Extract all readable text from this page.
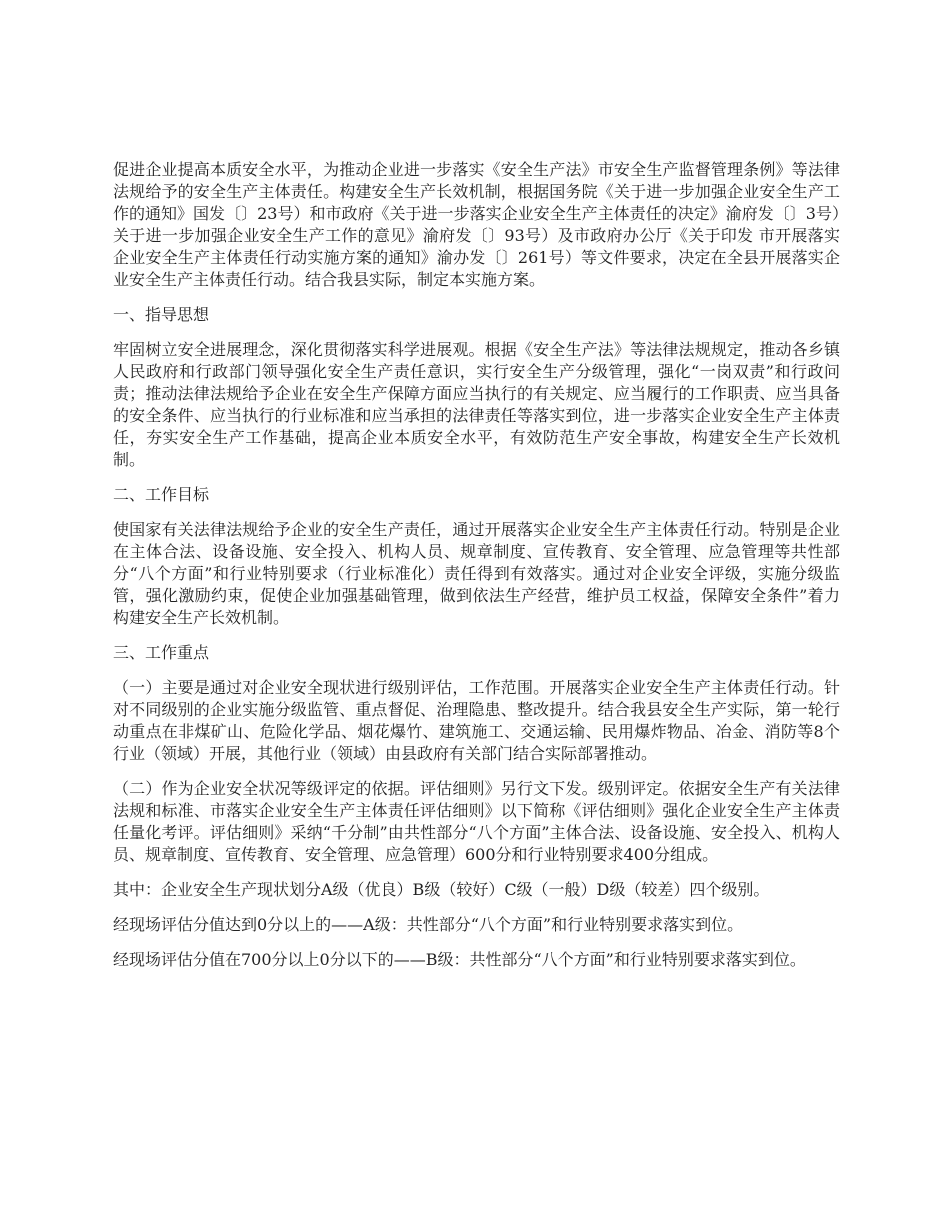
促进企业提高本质安全水平，为推动企业进一步落实《安全生产法》市安全生产监督管理条例》等法律法规给予的安全生产主体责任。构建安全生产长效机制，根据国务院《关于进一步加强企业安全生产工作的通知》国发〔〕23号）和市政府《关于进一步落实企业安全生产主体责任的决定》渝府发〔〕3号）关于进一步加强企业安全生产工作的意见》渝府发〔〕93号）及市政府办公厅《关于印发 市开展落实企业安全生产主体责任行动实施方案的通知》渝办发〔〕261号）等文件要求，决定在全县开展落实企业安全生产主体责任行动。结合我县实际，制定本实施方案。

一、指导思想

牢固树立安全进展理念，深化贯彻落实科学进展观。根据《安全生产法》等法律法规规定，推动各乡镇人民政府和行政部门领导强化安全生产责任意识，实行安全生产分级管理，强化“一岗双责”和行政问责；推动法律法规给予企业在安全生产保障方面应当执行的有关规定、应当履行的工作职责、应当具备的安全条件、应当执行的行业标准和应当承担的法律责任等落实到位，进一步落实企业安全生产主体责任，夯实安全生产工作基础，提高企业本质安全水平，有效防范生产安全事故，构建安全生产长效机制。

二、工作目标

使国家有关法律法规给予企业的安全生产责任，通过开展落实企业安全生产主体责任行动。特别是企业在主体合法、设备设施、安全投入、机构人员、规章制度、宣传教育、安全管理、应急管理等共性部分“八个方面”和行业特别要求（行业标准化）责任得到有效落实。通过对企业安全评级，实施分级监管，强化激励约束，促使企业加强基础管理，做到依法生产经营，维护员工权益，保障安全条件”着力构建安全生产长效机制。

三、工作重点

（一）主要是通过对企业安全现状进行级别评估，工作范围。开展落实企业安全生产主体责任行动。针对不同级别的企业实施分级监管、重点督促、治理隐患、整改提升。结合我县安全生产实际，第一轮行动重点在非煤矿山、危险化学品、烟花爆竹、建筑施工、交通运输、民用爆炸物品、冶金、消防等8个行业（领域）开展，其他行业（领域）由县政府有关部门结合实际部署推动。

（二）作为企业安全状况等级评定的依据。评估细则》另行文下发。级别评定。依据安全生产有关法律法规和标准、市落实企业安全生产主体责任评估细则》以下简称《评估细则》强化企业安全生产主体责任量化考评。评估细则》采纳“千分制”由共性部分“八个方面”主体合法、设备设施、安全投入、机构人员、规章制度、宣传教育、安全管理、应急管理）600分和行业特别要求400分组成。

其中：企业安全生产现状划分A级（优良）B级（较好）C级（一般）D级（较差）四个级别。

经现场评估分值达到0分以上的——A级：共性部分“八个方面”和行业特别要求落实到位。

经现场评估分值在700分以上0分以下的——B级：共性部分“八个方面”和行业特别要求落实到位。
